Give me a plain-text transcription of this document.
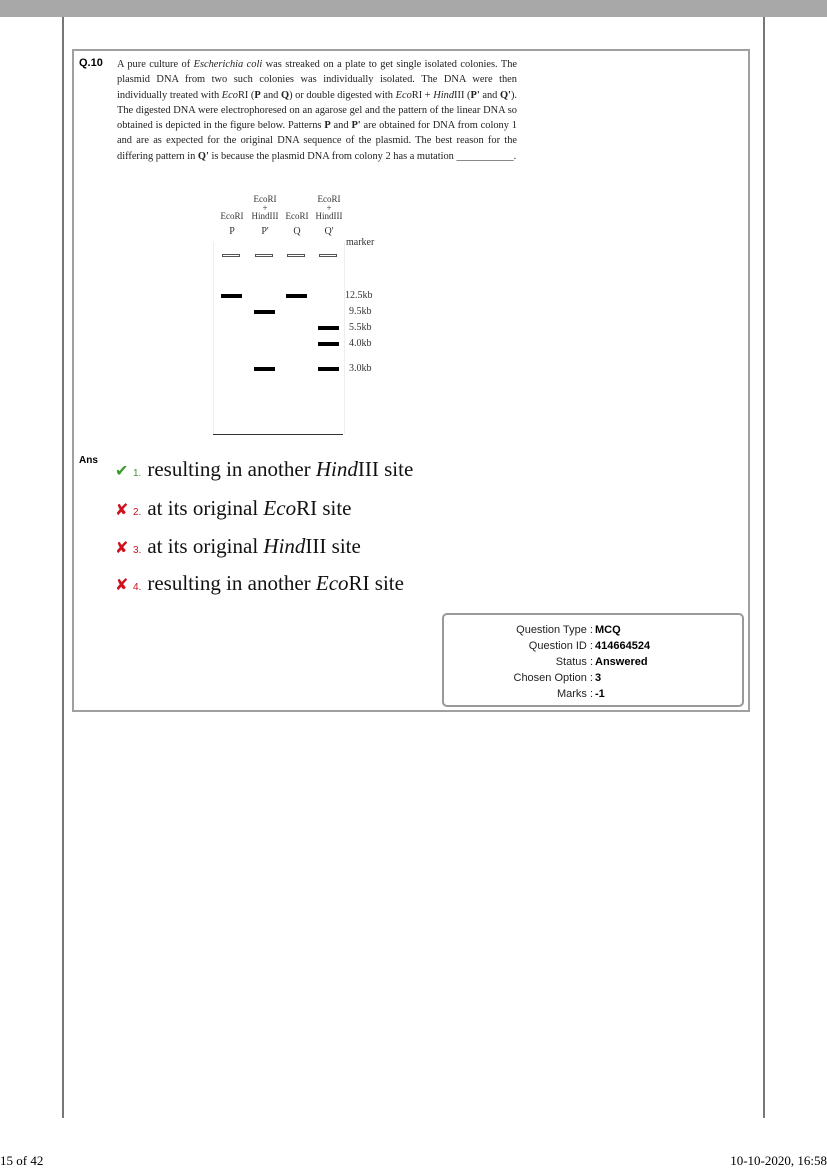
Q.10 A pure culture of Escherichia coli was streaked on a plate to get single isolated colonies. The plasmid DNA from two such colonies was individually isolated. The DNA were then individually treated with EcoRI (P and Q) or double digested with EcoRI + HindIII (P' and Q'). The digested DNA were electrophoresed on an agarose gel and the pattern of the linear DNA so obtained is depicted in the figure below. Patterns P and P' are obtained for DNA from colony 1 and are as expected for the original DNA sequence of the plasmid. The best reason for the differing pattern in Q' is because the plasmid DNA from colony 2 has a mutation ___________.
marker
EcoRI
P
EcoRI
+
HindIII
P'
EcoRI
Q
EcoRI
+
HindIII
Q'
12.5kb
9.5kb
5.5kb
4.0kb
3.0kb
Ans
✔ 1. resulting in another HindIII site
✘ 2. at its original EcoRI site
✘ 3. at its original HindIII site
✘ 4. resulting in another EcoRI site
Question Type : MCQ
Question ID : 414664524
Status : Answered
Chosen Option : 3
Marks : -1
15 of 42	10-10-2020, 16:58
